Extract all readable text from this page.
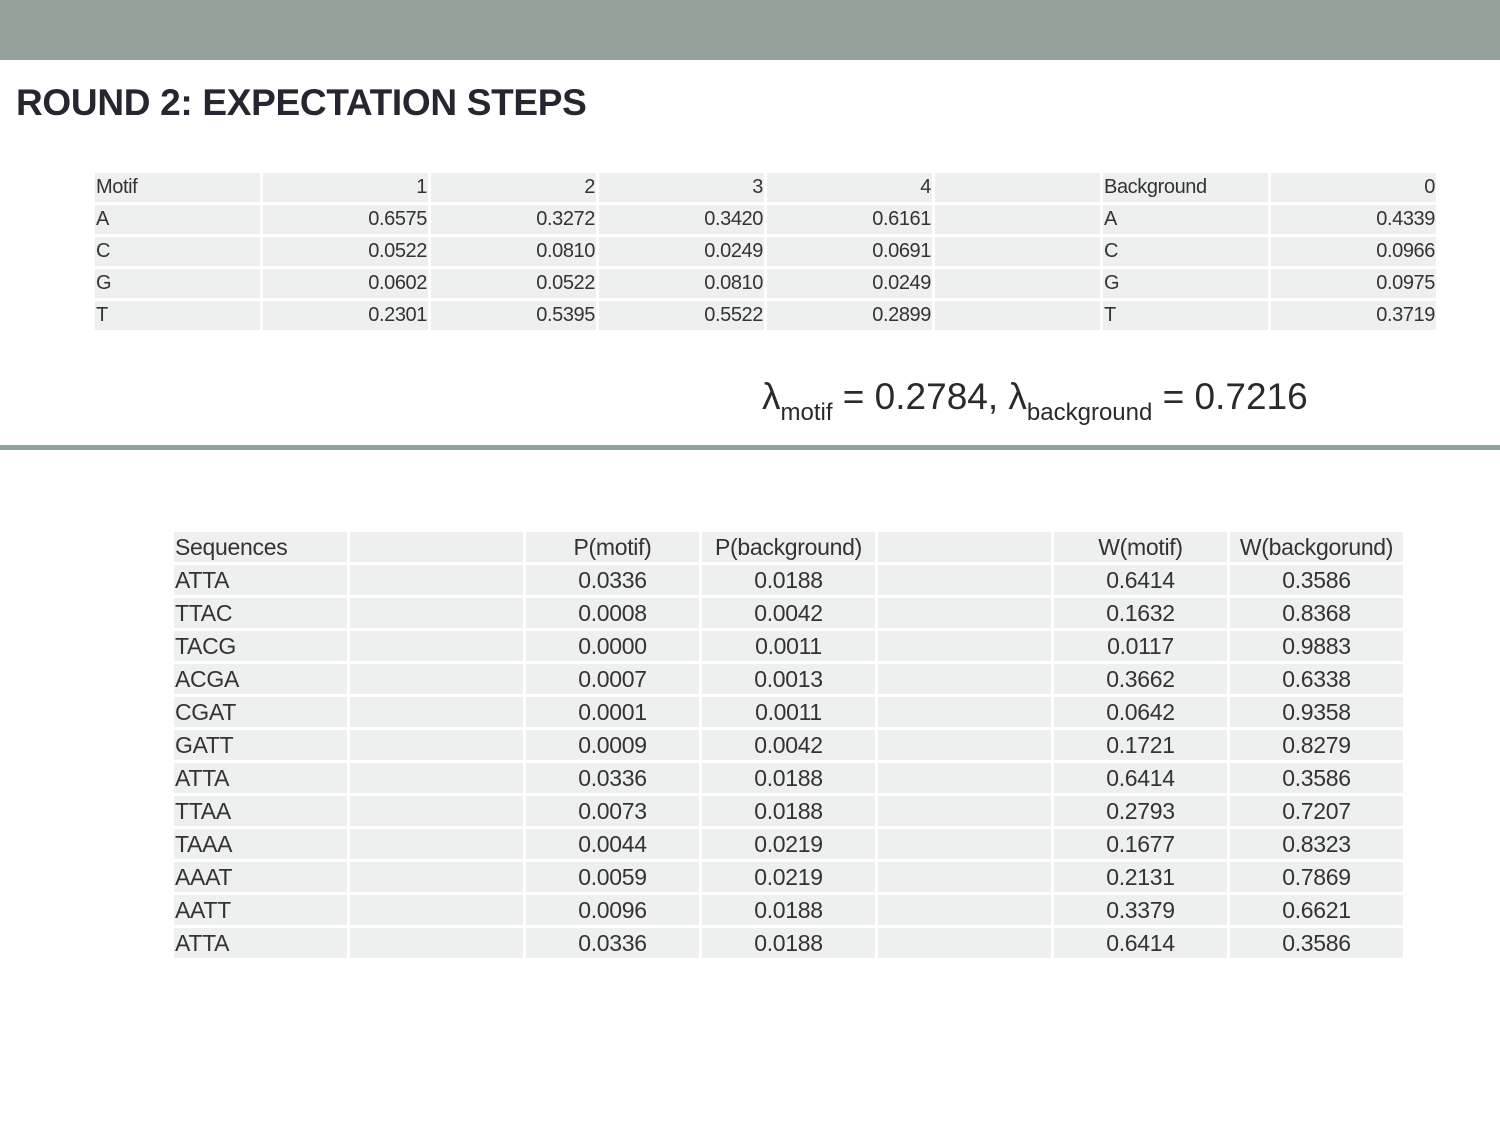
ROUND 2: EXPECTATION STEPS
Motif	1	2	3	4		Background	0
A	0.6575	0.3272	0.3420	0.6161		A	0.4339
C	0.0522	0.0810	0.0249	0.0691		C	0.0966
G	0.0602	0.0522	0.0810	0.0249		G	0.0975
T	0.2301	0.5395	0.5522	0.2899		T	0.3719
$\lambda_{motif} = 0.2784$, $\lambda_{background} = 0.7216$
Sequences		P(motif)	P(background)		W(motif)	W(backgorund)
ATTA		0.0336	0.0188		0.6414	0.3586
TTAC		0.0008	0.0042		0.1632	0.8368
TACG		0.0000	0.0011		0.0117	0.9883
ACGA		0.0007	0.0013		0.3662	0.6338
CGAT		0.0001	0.0011		0.0642	0.9358
GATT		0.0009	0.0042		0.1721	0.8279
ATTA		0.0336	0.0188		0.6414	0.3586
TTAA		0.0073	0.0188		0.2793	0.7207
TAAA		0.0044	0.0219		0.1677	0.8323
AAAT		0.0059	0.0219		0.2131	0.7869
AATT		0.0096	0.0188		0.3379	0.6621
ATTA		0.0336	0.0188		0.6414	0.3586
